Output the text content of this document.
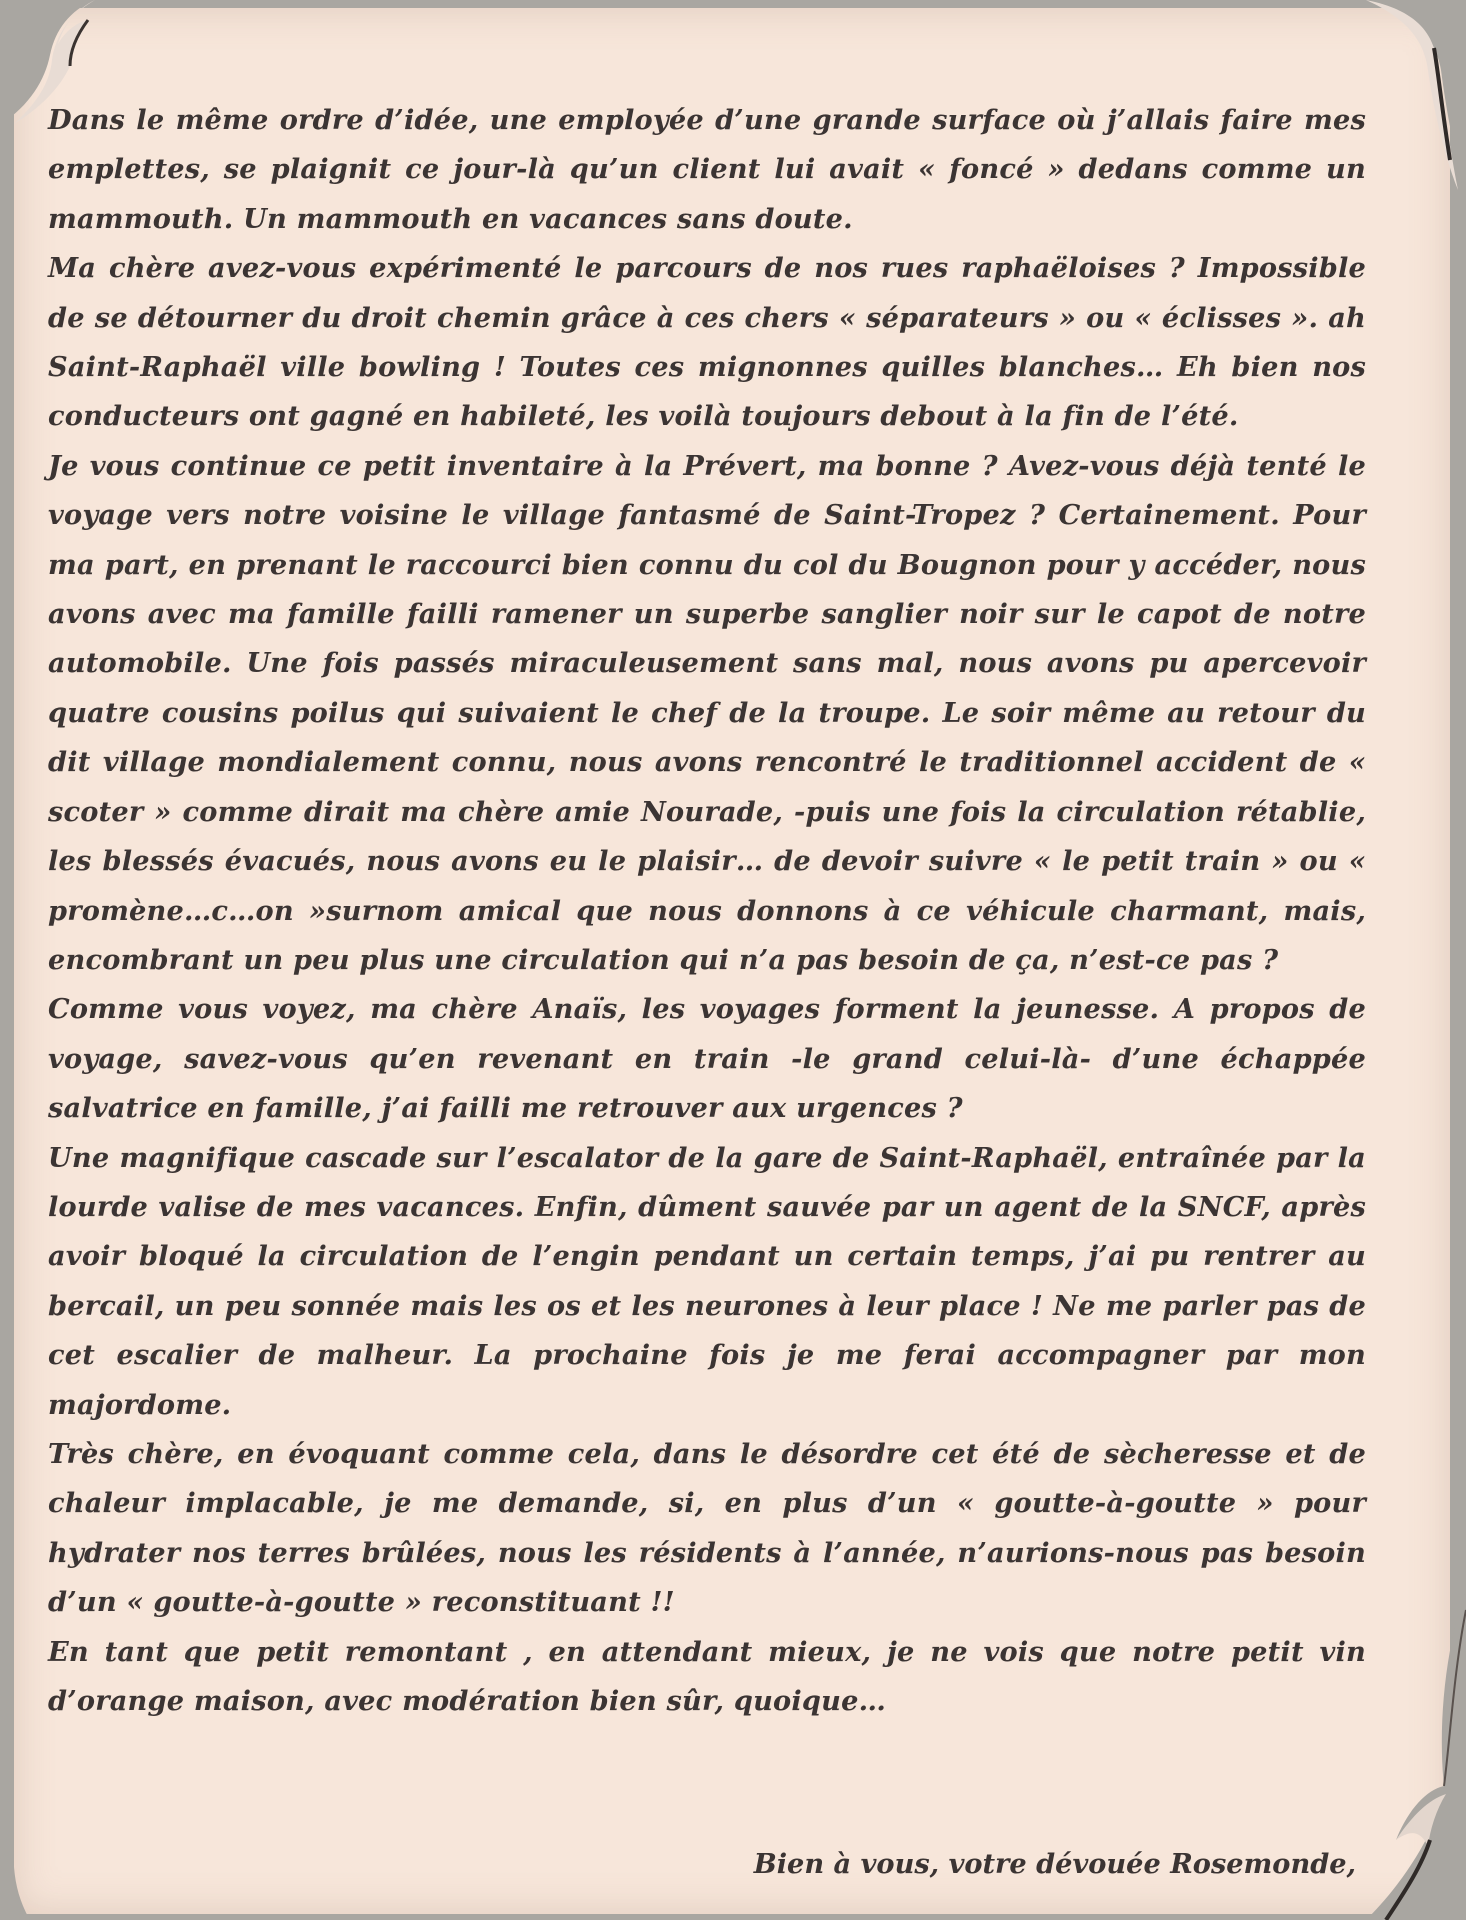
Dans le même ordre d’idée, une employée d’une grande surface où j’allais faire mes emplettes, se plaignit ce jour-là qu’un client lui avait « foncé » dedans comme un mammouth. Un mammouth en vacances sans doute.

Ma chère avez-vous expérimenté le parcours de nos rues raphaëloises ? Impossible de se détourner du droit chemin grâce à ces chers « séparateurs » ou « éclisses ». ah Saint-Raphaël ville bowling ! Toutes ces mignonnes quilles blanches… Eh bien nos conducteurs ont gagné en habileté, les voilà toujours debout à la fin de l’été.

Je vous continue ce petit inventaire à la Prévert, ma bonne ? Avez-vous déjà tenté le voyage vers notre voisine le village fantasmé de Saint-Tropez ? Certainement. Pour ma part, en prenant le raccourci bien connu du col du Bougnon pour y accéder, nous avons avec ma famille failli ramener un superbe sanglier noir sur le capot de notre automobile. Une fois passés miraculeusement sans mal, nous avons pu apercevoir quatre cousins poilus qui suivaient le chef de la troupe. Le soir même au retour du dit village mondialement connu, nous avons rencontré le traditionnel accident de « scoter » comme dirait ma chère amie Nourade, -puis une fois la circulation rétablie, les blessés évacués, nous avons eu le plaisir… de devoir suivre « le petit train » ou « promène…c…on »surnom amical que nous donnons à ce véhicule charmant, mais, encombrant un peu plus une circulation qui n’a pas besoin de ça, n’est-ce pas ?

Comme vous voyez, ma chère Anaïs, les voyages forment la jeunesse. A propos de voyage, savez-vous qu’en revenant en train -le grand celui-là- d’une échappée salvatrice en famille, j’ai failli me retrouver aux urgences ?

Une magnifique cascade sur l’escalator de la gare de Saint-Raphaël, entraînée par la lourde valise de mes vacances. Enfin, dûment sauvée par un agent de la SNCF, après avoir bloqué la circulation de l’engin pendant un certain temps, j’ai pu rentrer au bercail, un peu sonnée mais les os et les neurones à leur place ! Ne me parler pas de cet escalier de malheur. La prochaine fois je me ferai accompagner par mon majordome.

Très chère, en évoquant comme cela, dans le désordre cet été de sècheresse et de chaleur implacable, je me demande, si, en plus d’un « goutte-à-goutte » pour hydrater nos terres brûlées, nous les résidents à l’année, n’aurions-nous pas besoin d’un « goutte-à-goutte » reconstituant !!

En tant que petit remontant , en attendant mieux, je ne vois que notre petit vin d’orange maison, avec modération bien sûr, quoique…

Bien à vous, votre dévouée Rosemonde,
